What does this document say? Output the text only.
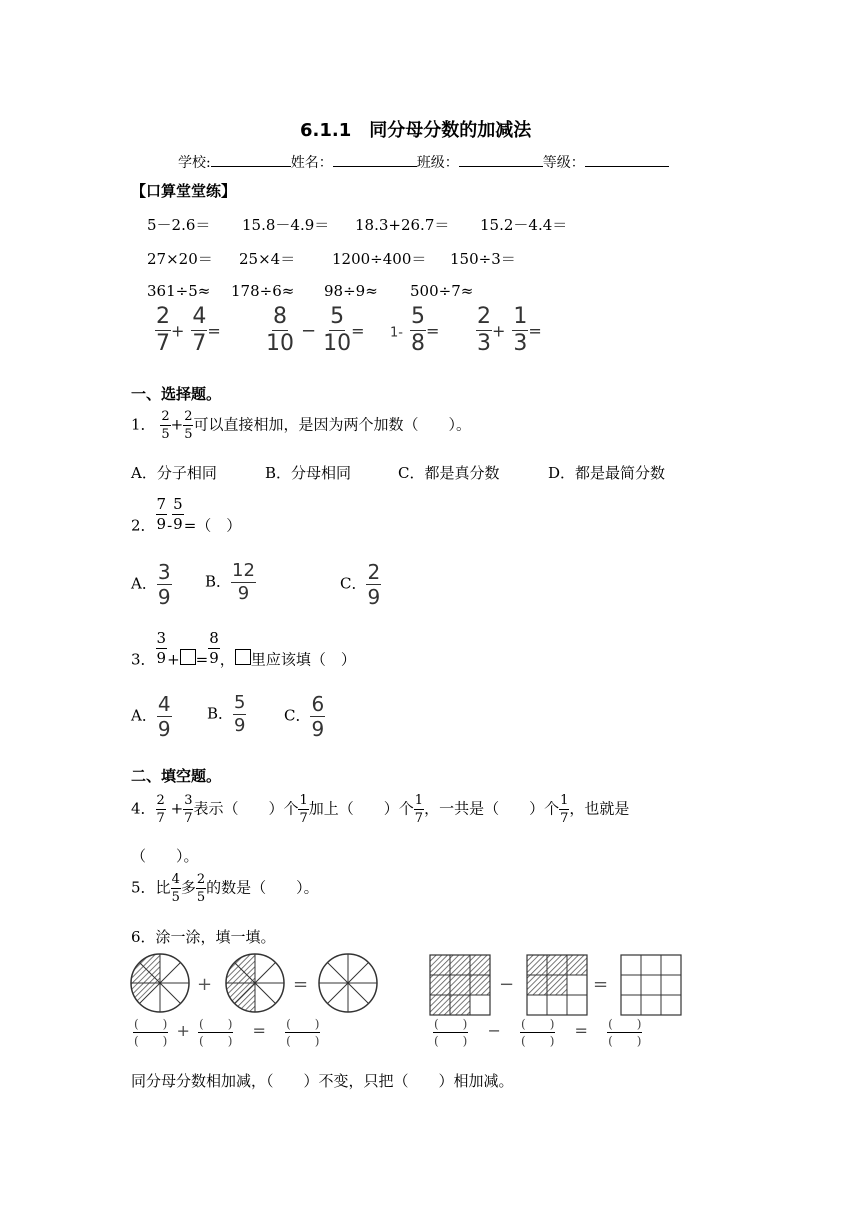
6.1.1　同分母分数的加减法
学校:	姓名：	班级：	等级：
【口算堂堂练】
5－2.6＝ 15.8－4.9＝ 18.3+26.7＝ 15.2－4.4＝
27×20＝ 25×4＝ 1200÷400＝ 150÷3＝
361÷5≈ 178÷6≈ 98÷9≈ 500÷7≈
$\frac{2}{7} + \frac{4}{7} = \frac{8}{10} - \frac{5}{10} = 1- \frac{5}{8} = \frac{2}{3} + \frac{1}{3}$ =
一、选择题。
1． $\frac{2}{5} + \frac{2}{5}$ 可以直接相加，是因为两个加数（　　）。
A．分子相同	B．分母相同	C．都是真分数	D．都是最简分数
2． $\frac{7}{9} - \frac{5}{9}$ =（　）
A． $\frac{3}{9}$ B． $\frac{12}{9}$	C． $\frac{2}{9}$
3． $\frac{3}{9}$ + = $\frac{8}{9}$ ， 里应该填（　）
A． $\frac{4}{9}$ B． $\frac{5}{9}$	C． $\frac{6}{9}$
二、填空题。
4． $\frac{2}{7} + \frac{3}{7}$ 表示（　　）个 $\frac{1}{7}$ 加上（　　）个 $\frac{1}{7}$ ，一共是（　　）个 $\frac{1}{7}$ ，也就是
（　　）。
5．比 $\frac{4}{5}$ 多 $\frac{2}{5}$ 的数是（　　）。
6．涂一涂，填一填。
+	=	−	=
(　　)
(　　)
+ (　　)
(　　)
= (　　)
(　　)
(　　)
(　　)
− (　　)
(　　)
= (　　)
(　　)
同分母分数相加减，（　　）不变，只把（　　）相加减。
